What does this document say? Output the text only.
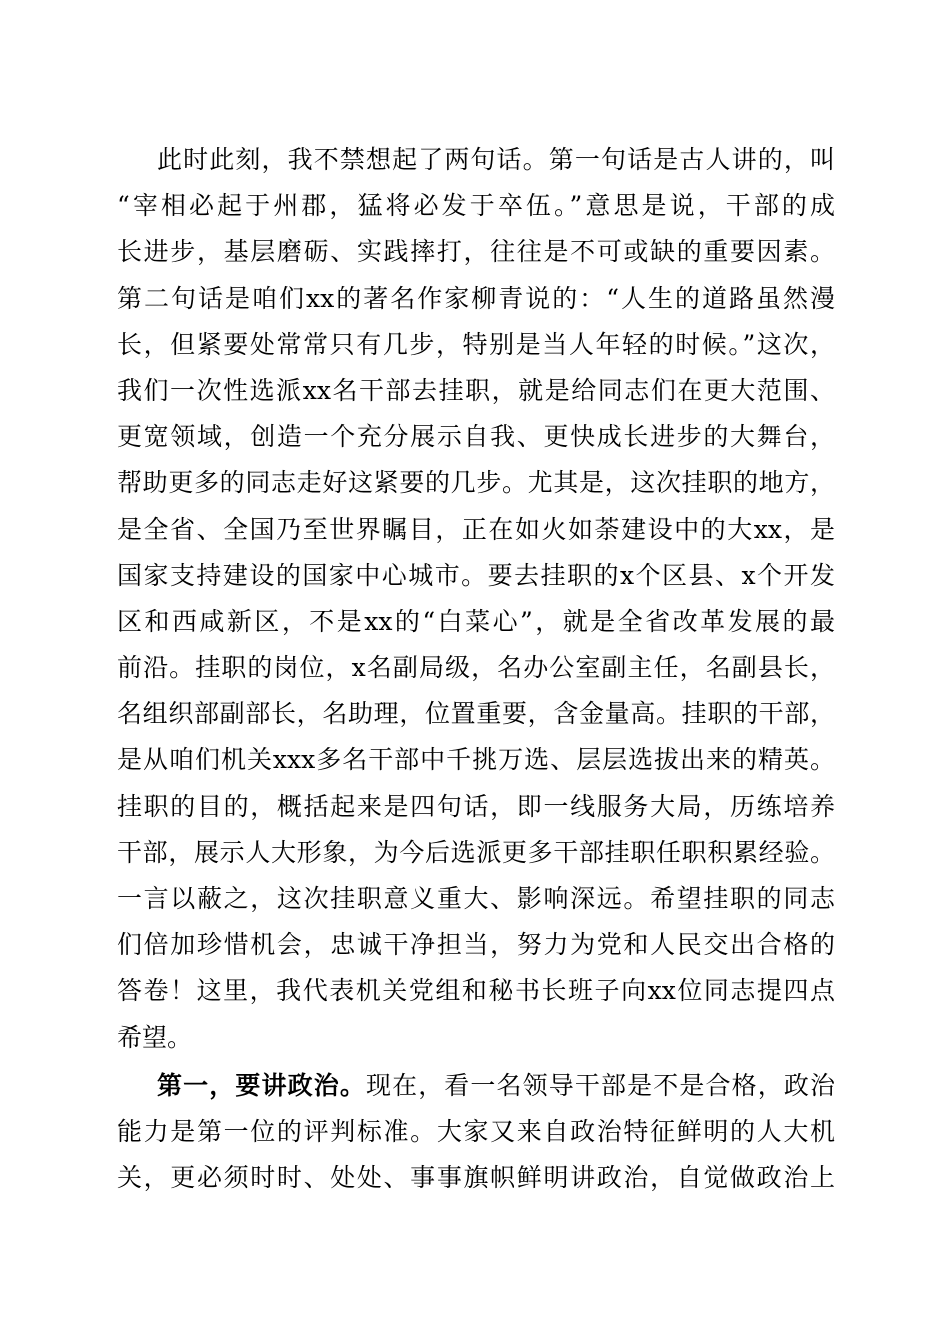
此时此刻，我不禁想起了两句话。第一句话是古人讲的，叫
“宰相必起于州郡，猛将必发于卒伍。”意思是说，干部的成
长进步，基层磨砺、实践摔打，往往是不可或缺的重要因素。
第二句话是咱们xx的著名作家柳青说的：“人生的道路虽然漫
长，但紧要处常常只有几步，特别是当人年轻的时候。”这次，
我们一次性选派xx名干部去挂职，就是给同志们在更大范围、
更宽领域，创造一个充分展示自我、更快成长进步的大舞台，
帮助更多的同志走好这紧要的几步。尤其是，这次挂职的地方，
是全省、全国乃至世界瞩目，正在如火如荼建设中的大xx，是
国家支持建设的国家中心城市。要去挂职的x个区县、x个开发
区和西咸新区，不是xx的“白菜心”，就是全省改革发展的最
前沿。挂职的岗位，x名副局级，名办公室副主任，名副县长，
名组织部副部长，名助理，位置重要，含金量高。挂职的干部，
是从咱们机关xxx多名干部中千挑万选、层层选拔出来的精英。
挂职的目的，概括起来是四句话，即一线服务大局，历练培养
干部，展示人大形象，为今后选派更多干部挂职任职积累经验。
一言以蔽之，这次挂职意义重大、影响深远。希望挂职的同志
们倍加珍惜机会，忠诚干净担当，努力为党和人民交出合格的
答卷！这里，我代表机关党组和秘书长班子向xx位同志提四点
希望。
第一，要讲政治。现在，看一名领导干部是不是合格，政治
能力是第一位的评判标准。大家又来自政治特征鲜明的人大机
关，更必须时时、处处、事事旗帜鲜明讲政治，自觉做政治上
